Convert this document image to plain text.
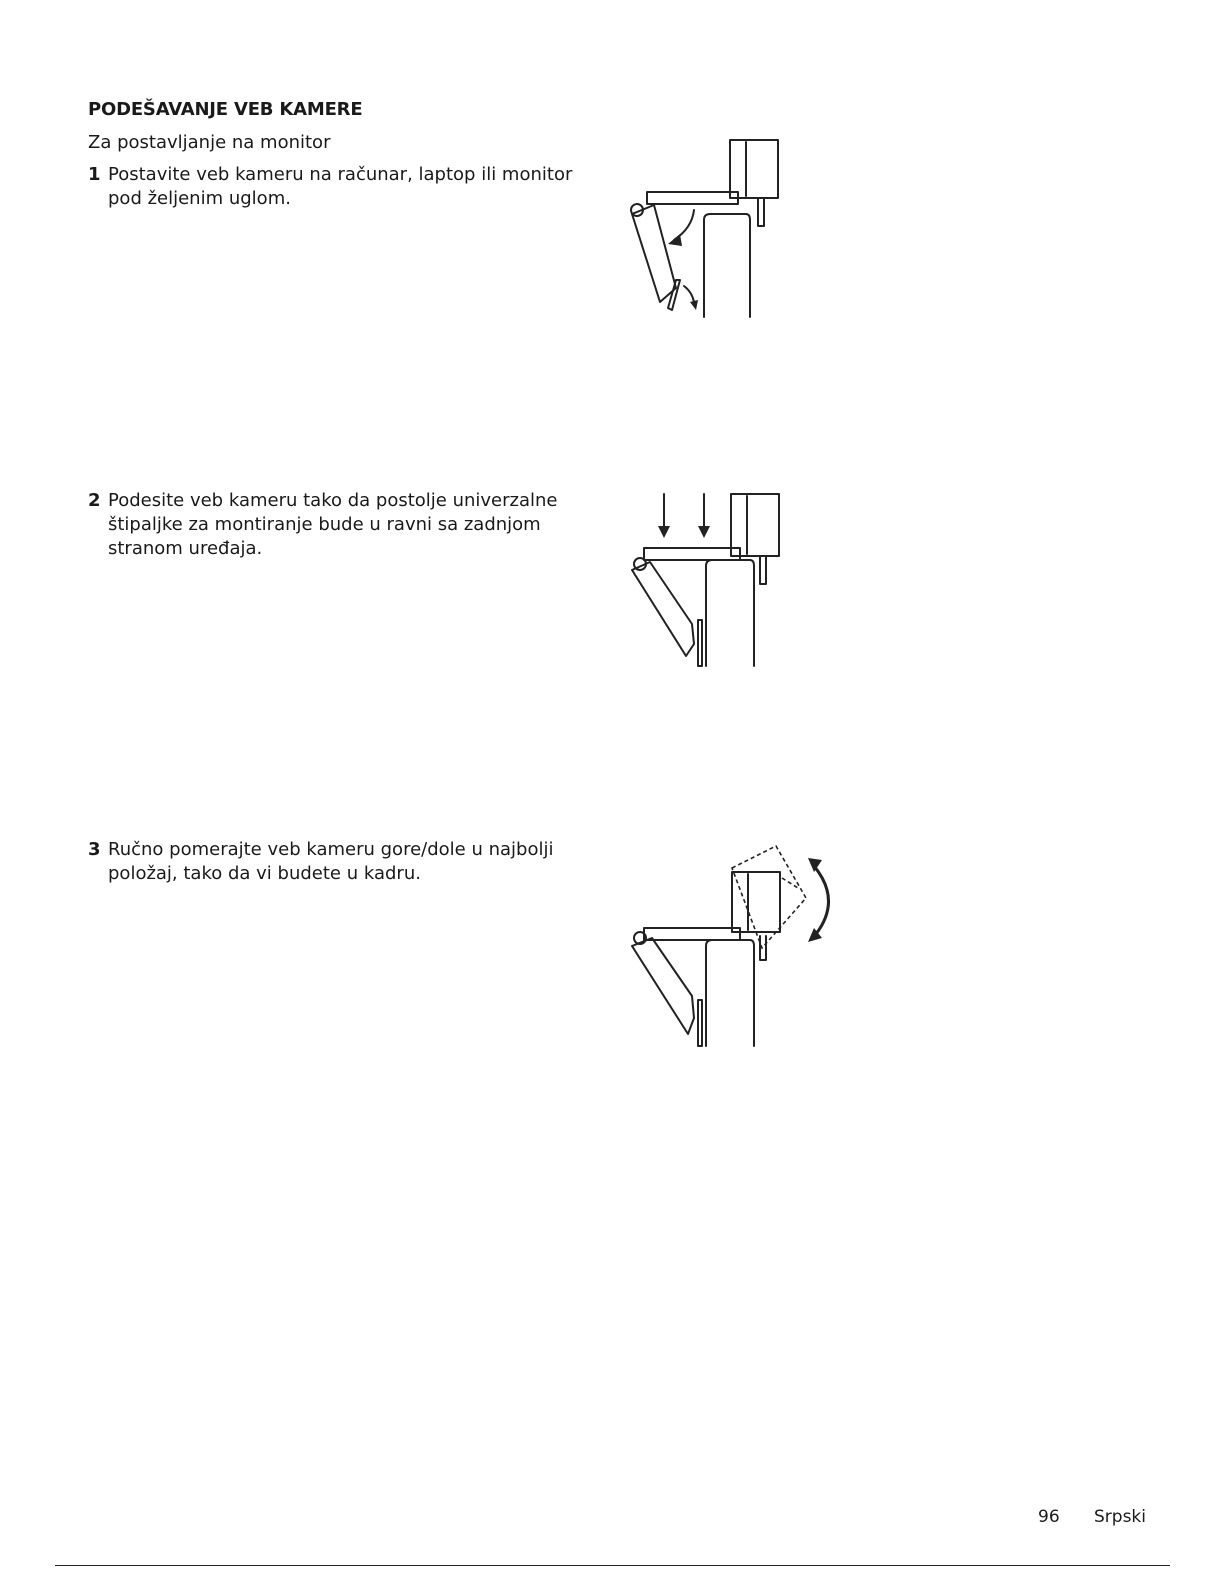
PODEŠAVANJE VEB KAMERE
Za postavljanje na monitor
1 Postavite veb kameru na računar, laptop ili monitor pod željenim uglom.
2 Podesite veb kameru tako da postolje univerzalne štipaljke za montiranje bude u ravni sa zadnjom stranom uređaja.
3 Ručno pomerajte veb kameru gore/dole u najbolji položaj, tako da vi budete u kadru.
96 Srpski
